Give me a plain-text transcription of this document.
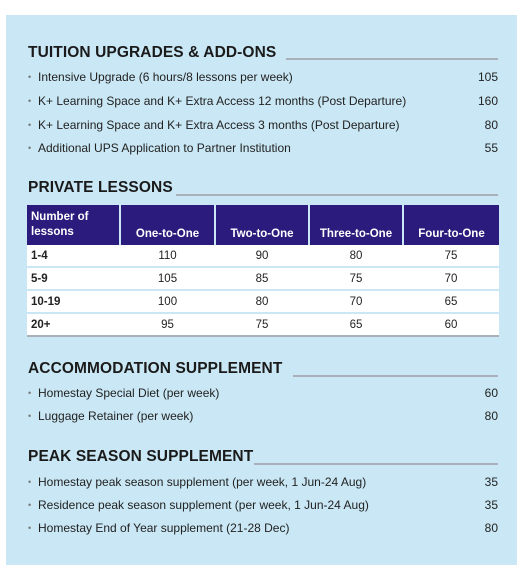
TUITION UPGRADES & ADD-ONS
• Intensive Upgrade (6 hours/8 lessons per week)	105
• K+ Learning Space and K+ Extra Access 12 months (Post Departure)	160
• K+ Learning Space and K+ Extra Access 3 months (Post Departure)	80
• Additional UPS Application to Partner Institution	55
PRIVATE LESSONS
Number of lessons	One-to-One	Two-to-One	Three-to-One	Four-to-One
1-4	110	90	80	75
5-9	105	85	75	70
10-19	100	80	70	65
20+	95	75	65	60
ACCOMMODATION SUPPLEMENT
• Homestay Special Diet (per week)	60
• Luggage Retainer (per week)	80
PEAK SEASON SUPPLEMENT
• Homestay peak season supplement (per week, 1 Jun-24 Aug)	35
• Residence peak season supplement (per week, 1 Jun-24 Aug)	35
• Homestay End of Year supplement (21-28 Dec)	80
